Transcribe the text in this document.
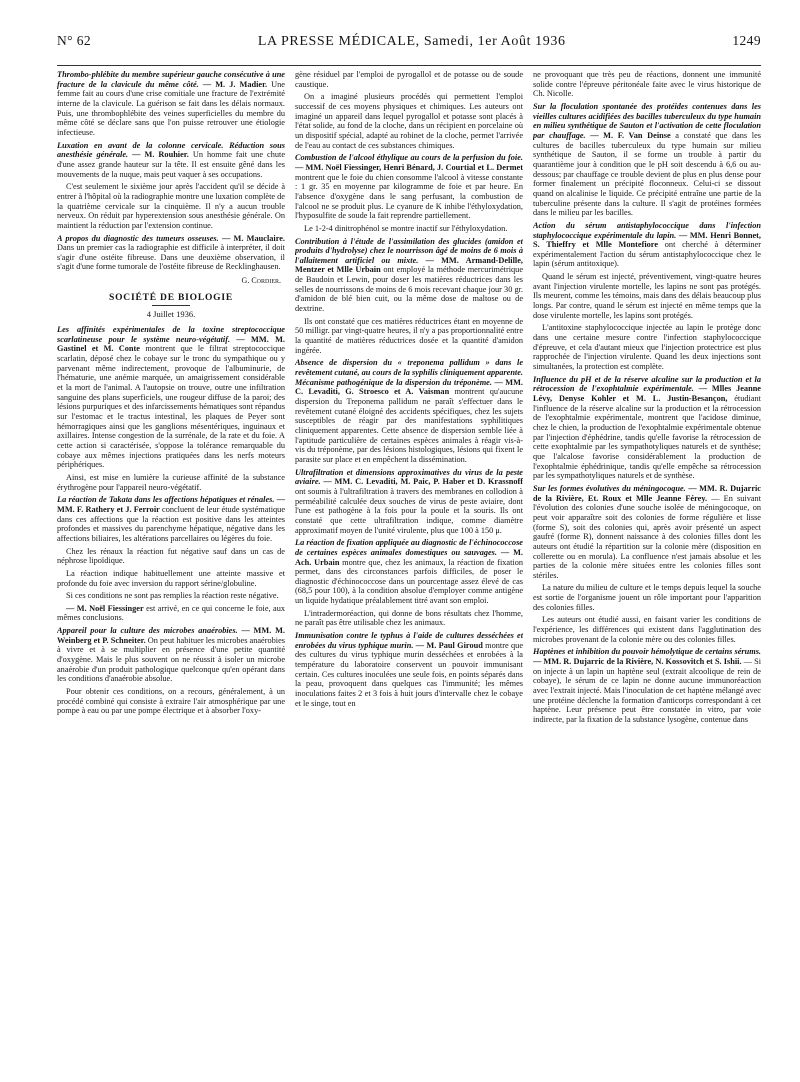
N° 62	LA PRESSE MÉDICALE, Samedi, 1er Août 1936	1249

Thrombo-phlébite du membre supérieur gauche consécutive à une fracture de la clavicule du même côté. — M. J. Madier. Une femme fait au cours d'une crise comitiale une fracture de l'extrémité interne de la clavicule. La guérison se fait dans les délais normaux. Puis, une thrombophlébite des veines superficielles du membre du même côté se déclare sans que l'on puisse retrouver une étiologie infectieuse.

Luxation en avant de la colonne cervicale. Réduction sous anesthésie générale. — M. Rouhier. Un homme fait une chute d'une assez grande hauteur sur la tête. Il est ensuite gêné dans les mouvements de la nuque, mais peut vaquer à ses occupations.

C'est seulement le sixième jour après l'accident qu'il se décide à entrer à l'hôpital où la radiographie montre une luxation complète de la quatrième cervicale sur la cinquième. Il n'y a aucun trouble nerveux. On réduit par hyperextension sous anesthésie générale. On maintient la réduction par l'extension continue.

A propos du diagnostic des tumeurs osseuses. — M. Mauclaire. Dans un premier cas la radiographie est difficile à interpréter, il doit s'agir d'une ostéite fibreuse. Dans une deuxième observation, il s'agit d'une forme tumorale de l'ostéite fibreuse de Recklinghausen.

G. Cordier.
SOCIÉTÉ DE BIOLOGIE
4 Juillet 1936.

Les affinités expérimentales de la toxine streptococcique scarlatineuse pour le système neuro-végétatif. — MM. M. Gastinel et M. Conte montrent que le filtrat streptococcique scarlatin, déposé chez le cobaye sur le tronc du sympathique ou y parvenant même indirectement, provoque de l'albuminurie, de l'hématurie, une anémie marquée, un amaigrissement considérable et la mort de l'animal. A l'autopsie on trouve, outre une infiltration sanguine des plans superficiels, une rougeur diffuse de la paroi; des lésions purpuriques et des infarcissements hématiques sont répandus sur l'estomac et le tractus intestinal, les plaques de Peyer sont hémorragiques ainsi que les ganglions mésentériques, inguinaux et axillaires. Intense congestion de la surrénale, de la rate et du foie. A cette action si caractérisée, s'oppose la tolérance remarquable du cobaye aux mêmes injections pratiquées dans les nerfs moteurs périphériques.

Ainsi, est mise en lumière la curieuse affinité de la substance érythrogène pour l'appareil neuro-végétatif.

La réaction de Takata dans les affections hépatiques et rénales. — MM. F. Rathery et J. Ferroir concluent de leur étude systématique dans ces affections que la réaction est positive dans les atteintes profondes et massives du parenchyme hépatique, négative dans les affections biliaires, les altérations parcellaires ou légères du foie.

Chez les rénaux la réaction fut négative sauf dans un cas de néphrose lipoïdique.

La réaction indique habituellement une atteinte massive et profonde du foie avec inversion du rapport sérine/globuline.

Si ces conditions ne sont pas remplies la réaction reste négative.

— M. Noël Fiessinger est arrivé, en ce qui concerne le foie, aux mêmes conclusions.

Appareil pour la culture des microbes anaérobies. — MM. M. Weinberg et P. Schneiter. On peut habituer les microbes anaérobies à vivre et à se multiplier en présence d'une petite quantité d'oxygène. Mais le plus souvent on ne réussit à isoler un microbe anaérobie d'un produit pathologique quelconque qu'en opérant dans les conditions d'anaérobie absolue.

Pour obtenir ces conditions, on a recours, généralement, à un procédé combiné qui consiste à extraire l'air atmosphérique par une pompe à eau ou par une pompe électrique et à absorber l'oxy-

gène résiduel par l'emploi de pyrogallol et de potasse ou de soude caustique.

On a imaginé plusieurs procédés qui permettent l'emploi successif de ces moyens physiques et chimiques. Les auteurs ont imaginé un appareil dans lequel pyrogallol et potasse sont placés à l'état solide, au fond de la cloche, dans un récipient en porcelaine où un dispositif spécial, adapté au robinet de la cloche, permet l'arrivée de l'eau au contact de ces substances chimiques.

Combustion de l'alcool éthylique au cours de la perfusion du foie. — MM. Noël Fiessinger, Henri Bénard, J. Courtial et L. Dermet montrent que le foie du chien consomme l'alcool à vitesse constante : 1 gr. 35 en moyenne par kilogramme de foie et par heure. En l'absence d'oxygène dans le sang perfusant, la combustion de l'alcool ne se produit plus. Le cyanure de K inhibe l'éthyloxydation, l'hyposulfite de soude la fait reprendre partiellement.

Le 1-2-4 dinitrophénol se montre inactif sur l'éthyloxydation.

Contribution à l'étude de l'assimilation des glucides (amidon et produits d'hydrolyse) chez le nourrisson âgé de moins de 6 mois à l'allaitement artificiel ou mixte. — MM. Armand-Delille, Mentzer et Mlle Urbain ont employé la méthode mercurimétrique de Baudoin et Lewin, pour doser les matières réductrices dans les selles de nourrissons de moins de 6 mois recevant chaque jour 30 gr. d'amidon de blé bien cuit, ou la même dose de maltose ou de dextrine.

Ils ont constaté que ces matières réductrices étant en moyenne de 50 milligr. par vingt-quatre heures, il n'y a pas proportionnalité entre la quantité de matières réductrices dosée et la quantité d'amidon ingérée.

Absence de dispersion du « treponema pallidum » dans le revêtement cutané, au cours de la syphilis cliniquement apparente. Mécanisme pathogénique de la dispersion du tréponème. — MM. C. Levaditi, G. Stroesco et A. Vaisman montrent qu'aucune dispersion du Treponema pallidum ne paraît s'effectuer dans le revêtement cutané éloigné des accidents spécifiques, chez les sujets susceptibles de réagir par des manifestations syphilitiques cliniquement apparentes. Cette absence de dispersion semble liée à l'aptitude particulière de certaines espèces animales à réagir vis-à-vis du tréponème, par des lésions histologiques, lésions qui fixent le parasite sur place et en empêchent la dissémination.

Ultrafiltration et dimensions approximatives du virus de la peste aviaire. — MM. C. Levaditi, M. Paic, P. Haber et D. Krassnoff ont soumis à l'ultrafiltration à travers des membranes en collodion à perméabilité calculée deux souches de virus de peste aviaire, dont l'une est pathogène à la fois pour la poule et la souris. Ils ont constaté que cette ultrafiltration indique, comme diamètre approximatif moyen de l'unité virulente, plus que 100 à 150 μ.

La réaction de fixation appliquée au diagnostic de l'échinococcose de certaines espèces animales domestiques ou sauvages. — M. Ach. Urbain montre que, chez les animaux, la réaction de fixation permet, dans des circonstances parfois difficiles, de poser le diagnostic d'échinococcose dans un pourcentage assez élevé de cas (68,5 pour 100), à la condition absolue d'employer comme antigène un liquide hydatique préalablement titré avant son emploi.

L'intradermoréaction, qui donne de bons résultats chez l'homme, ne paraît pas être utilisable chez les animaux.

Immunisation contre le typhus à l'aide de cultures desséchées et enrobées du virus typhique murin. — M. Paul Giroud montre que des cultures du virus typhique murin desséchées et enrobées à la température du laboratoire conservent un pouvoir immunisant certain. Ces cultures inoculées une seule fois, en points séparés dans la peau, provoquent dans quelques cas l'immunité; les mêmes inoculations faites 2 et 3 fois à huit jours d'intervalle chez le cobaye et le singe, tout en

ne provoquant que très peu de réactions, donnent une immunité solide contre l'épreuve péritonéale faite avec le virus historique de Ch. Nicolle.

Sur la floculation spontanée des protéides contenues dans les vieilles cultures acidifiées des bacilles tuberculeux du type humain en milieu synthétique de Sauton et l'activation de cette floculation par chauffage. — M. F. Van Deinse a constaté que dans les cultures de bacilles tuberculeux du type humain sur milieu synthétique de Sauton, il se forme un trouble à partir du quarantième jour à condition que le pH soit descendu à 6,6 ou au-dessous; par chauffage ce trouble devient de plus en plus dense pour former finalement un précipité floconneux. Celui-ci se dissout quand on alcalinise le liquide. Ce précipité entraîne une partie de la tuberculine présente dans la culture. Il s'agit de protéines formées dans le milieu par les bacilles.

Action du sérum antistaphylococcique dans l'infection staphylococcique expérimentale du lapin. — MM. Henri Bonnet, S. Thieffry et Mlle Montefiore ont cherché à déterminer expérimentalement l'action du sérum antistaphylococcique chez le lapin (sérum antitoxique).

Quand le sérum est injecté, préventivement, vingt-quatre heures avant l'injection virulente mortelle, les lapins ne sont pas protégés. Ils meurent, comme les témoins, mais dans des délais beaucoup plus longs. Par contre, quand le sérum est injecté en même temps que la dose virulente mortelle, les lapins sont protégés.

L'antitoxine staphylococcique injectée au lapin le protège donc dans une certaine mesure contre l'infection staphylococcique d'épreuve, et cela d'autant mieux que l'injection protectrice est plus rapprochée de l'injection virulente. Quand les deux injections sont simultanées, la protection est complète.

Influence du pH et de la réserve alcaline sur la production et la rétrocession de l'exophtalmie expérimentale. — Mlles Jeanne Lévy, Denyse Kohler et M. L. Justin-Besançon, étudiant l'influence de la réserve alcaline sur la production et la rétrocession de l'exophtalmie expérimentale, montrent que l'acidose diminue, chez le chien, la production de l'exophtalmie expérimentale obtenue par l'injection d'éphédrine, tandis qu'elle favorise la rétrocession de cette exophtalmie par les sympathotyliques naturels et de synthèse; que l'alcalose favorise considérablement la production de l'exophtalmie éphédrinique, tandis qu'elle empêche sa rétrocession par les sympathotyliques naturels et de synthèse.

Sur les formes évolutives du méningocoque. — MM. R. Dujarric de la Rivière, Et. Roux et Mlle Jeanne Férey. — En suivant l'évolution des colonies d'une souche isolée de méningocoque, on peut voir apparaître soit des colonies de forme régulière et lisse (forme S), soit des colonies qui, après avoir présenté un aspect gaufré (forme R), donnent naissance à des colonies filles dont les auteurs ont étudié la répartition sur la colonie mère (disposition en collerette ou en morula). La confluence n'est jamais absolue et les parties de la colonie mère situées entre les colonies filles sont stériles.

La nature du milieu de culture et le temps depuis lequel la souche est sortie de l'organisme jouent un rôle important pour l'apparition des colonies filles.

Les auteurs ont étudié aussi, en faisant varier les conditions de l'expérience, les différences qui existent dans l'agglutination des microbes provenant de la colonie mère ou des colonies filles.

Haptènes et inhibition du pouvoir hémolytique de certains sérums. — MM. R. Dujarric de la Rivière, N. Kossovitch et S. Ishii. — Si on injecte à un lapin un haptène seul (extrait alcoolique de rein de cobaye), le sérum de ce lapin ne donne aucune immunoréaction avec l'extrait injecté. Mais l'inoculation de cet haptène mélangé avec une protéine déclenche la formation d'anticorps correspondant à cet haptène. Leur présence peut être constatée in vitro, par voie indirecte, par la fixation de la substance lysogène, contenue dans
